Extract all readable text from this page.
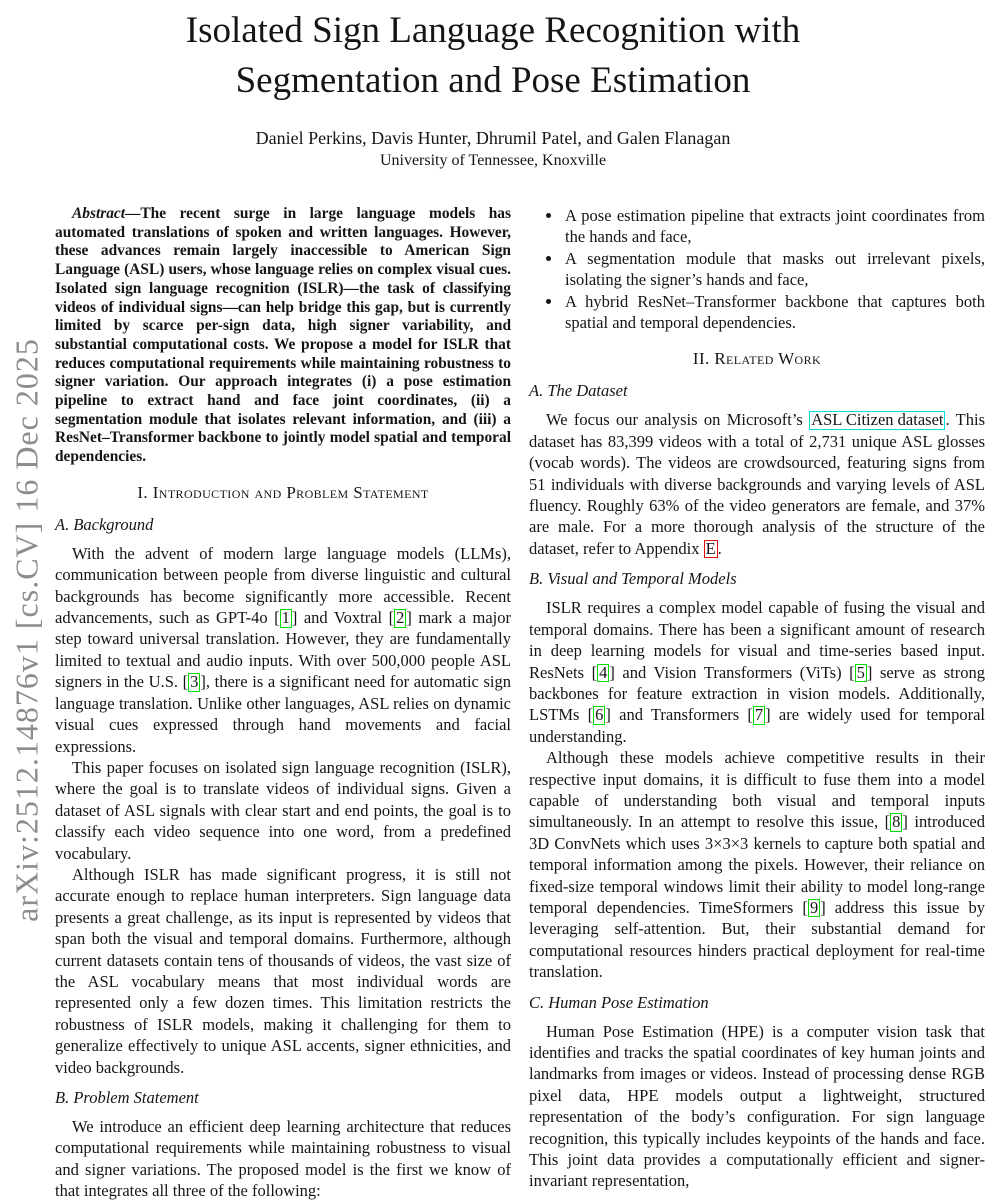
arXiv:2512.14876v1 [cs.CV] 16 Dec 2025
Isolated Sign Language Recognition with Segmentation and Pose Estimation
Daniel Perkins, Davis Hunter, Dhrumil Patel, and Galen Flanagan
University of Tennessee, Knoxville

Abstract—The recent surge in large language models has automated translations of spoken and written languages. However, these advances remain largely inaccessible to American Sign Language (ASL) users, whose language relies on complex visual cues. Isolated sign language recognition (ISLR)—the task of classifying videos of individual signs—can help bridge this gap, but is currently limited by scarce per-sign data, high signer variability, and substantial computational costs. We propose a model for ISLR that reduces computational requirements while maintaining robustness to signer variation. Our approach integrates (i) a pose estimation pipeline to extract hand and face joint coordinates, (ii) a segmentation module that isolates relevant information, and (iii) a ResNet–Transformer backbone to jointly model spatial and temporal dependencies.

I. Introduction and Problem Statement
A. Background

With the advent of modern large language models (LLMs), communication between people from diverse linguistic and cultural backgrounds has become significantly more accessible. Recent advancements, such as GPT-4o [ 1 ] and Voxtral [ 2 ] mark a major step toward universal translation. However, they are fundamentally limited to textual and audio inputs. With over 500,000 people ASL signers in the U.S. [ 3 ], there is a significant need for automatic sign language translation. Unlike other languages, ASL relies on dynamic visual cues expressed through hand movements and facial expressions.

This paper focuses on isolated sign language recognition (ISLR), where the goal is to translate videos of individual signs. Given a dataset of ASL signals with clear start and end points, the goal is to classify each video sequence into one word, from a predefined vocabulary.

Although ISLR has made significant progress, it is still not accurate enough to replace human interpreters. Sign language data presents a great challenge, as its input is represented by videos that span both the visual and temporal domains. Furthermore, although current datasets contain tens of thousands of videos, the vast size of the ASL vocabulary means that most individual words are represented only a few dozen times. This limitation restricts the robustness of ISLR models, making it challenging for them to generalize effectively to unique ASL accents, signer ethnicities, and video backgrounds.

B. Problem Statement

We introduce an efficient deep learning architecture that reduces computational requirements while maintaining robustness to visual and signer variations. The proposed model is the first we know of that integrates all three of the following:

• A pose estimation pipeline that extracts joint coordinates from the hands and face,
• A segmentation module that masks out irrelevant pixels, isolating the signer’s hands and face,
• A hybrid ResNet–Transformer backbone that captures both spatial and temporal dependencies.
II. Related Work
A. The Dataset

We focus our analysis on Microsoft’s ASL Citizen dataset . This dataset has 83,399 videos with a total of 2,731 unique ASL glosses (vocab words). The videos are crowdsourced, featuring signs from 51 individuals with diverse backgrounds and varying levels of ASL fluency. Roughly 63% of the video generators are female, and 37% are male. For a more thorough analysis of the structure of the dataset, refer to Appendix E .

B. Visual and Temporal Models

ISLR requires a complex model capable of fusing the visual and temporal domains. There has been a significant amount of research in deep learning models for visual and time-series based input. ResNets [ 4 ] and Vision Transformers (ViTs) [ 5 ] serve as strong backbones for feature extraction in vision models. Additionally, LSTMs [ 6 ] and Transformers [ 7 ] are widely used for temporal understanding.

Although these models achieve competitive results in their respective input domains, it is difficult to fuse them into a model capable of understanding both visual and temporal inputs simultaneously. In an attempt to resolve this issue, [ 8 ] introduced 3D ConvNets which uses 3×3×3 kernels to capture both spatial and temporal information among the pixels. However, their reliance on fixed-size temporal windows limit their ability to model long-range temporal dependencies. TimeSformers [ 9 ] address this issue by leveraging self-attention. But, their substantial demand for computational resources hinders practical deployment for real-time translation.

C. Human Pose Estimation

Human Pose Estimation (HPE) is a computer vision task that identifies and tracks the spatial coordinates of key human joints and landmarks from images or videos. Instead of processing dense RGB pixel data, HPE models output a lightweight, structured representation of the body’s configuration. For sign language recognition, this typically includes keypoints of the hands and face. This joint data provides a computationally efficient and signer-invariant representation,
